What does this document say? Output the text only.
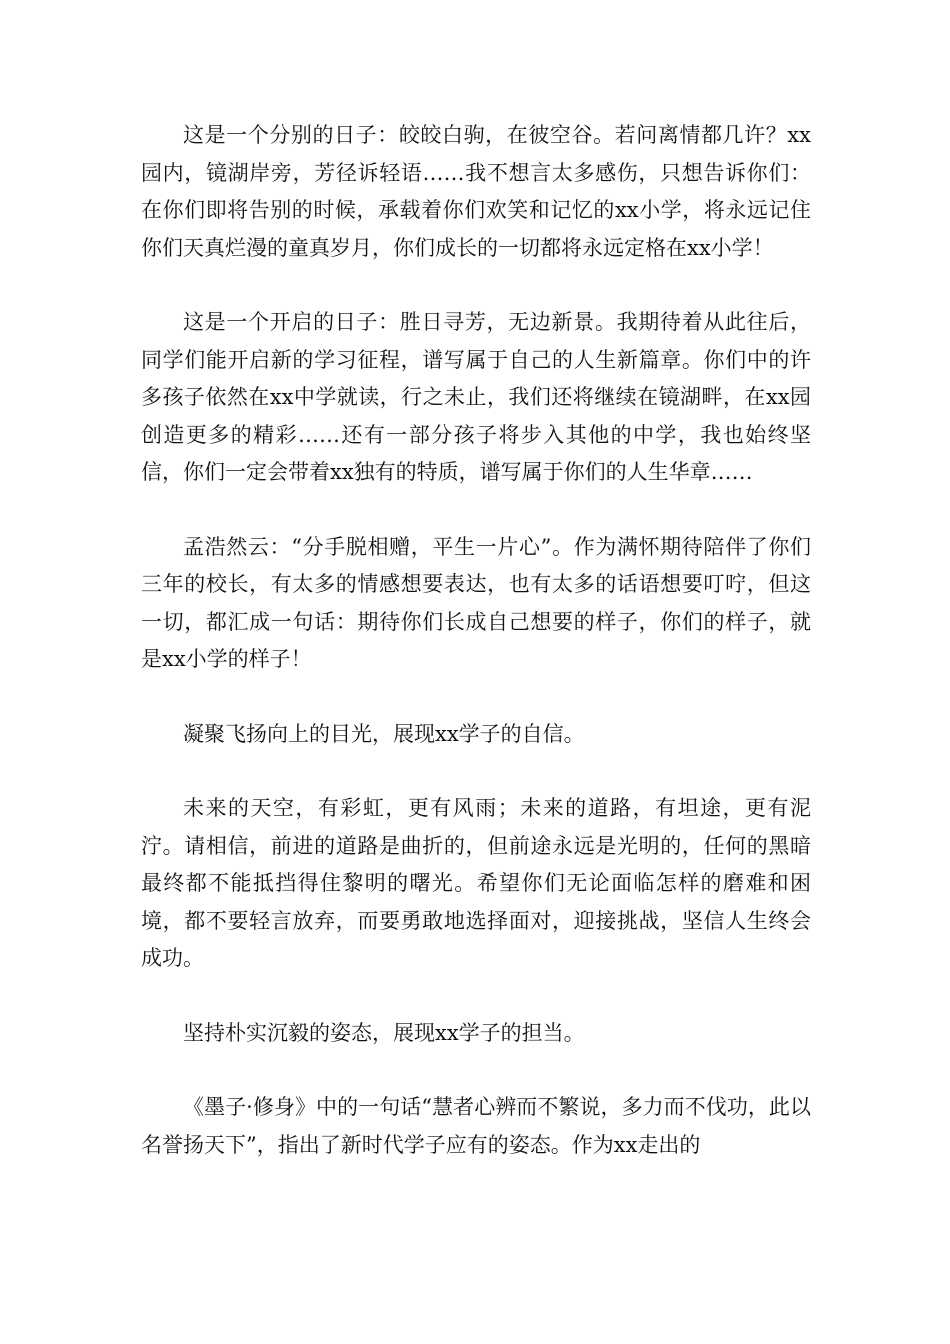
这是一个分别的日子：皎皎白驹，在彼空谷。若问离情都几许？xx园内，镜湖岸旁，芳径诉轻语……我不想言太多感伤，只想告诉你们：在你们即将告别的时候，承载着你们欢笑和记忆的xx小学，将永远记住你们天真烂漫的童真岁月，你们成长的一切都将永远定格在xx小学！

这是一个开启的日子：胜日寻芳，无边新景。我期待着从此往后，同学们能开启新的学习征程，谱写属于自己的人生新篇章。你们中的许多孩子依然在xx中学就读，行之未止，我们还将继续在镜湖畔，在xx园创造更多的精彩……还有一部分孩子将步入其他的中学，我也始终坚信，你们一定会带着xx独有的特质，谱写属于你们的人生华章……

孟浩然云：“分手脱相赠，平生一片心”。作为满怀期待陪伴了你们三年的校长，有太多的情感想要表达，也有太多的话语想要叮咛，但这一切，都汇成一句话：期待你们长成自己想要的样子，你们的样子，就是xx小学的样子！

凝聚飞扬向上的目光，展现xx学子的自信。

未来的天空，有彩虹，更有风雨；未来的道路，有坦途，更有泥泞。请相信，前进的道路是曲折的，但前途永远是光明的，任何的黑暗最终都不能抵挡得住黎明的曙光。希望你们无论面临怎样的磨难和困境，都不要轻言放弃，而要勇敢地选择面对，迎接挑战，坚信人生终会成功。

坚持朴实沉毅的姿态，展现xx学子的担当。

《墨子·修身》中的一句话“慧者心辨而不繁说，多力而不伐功，此以名誉扬天下”，指出了新时代学子应有的姿态。作为xx走出的
